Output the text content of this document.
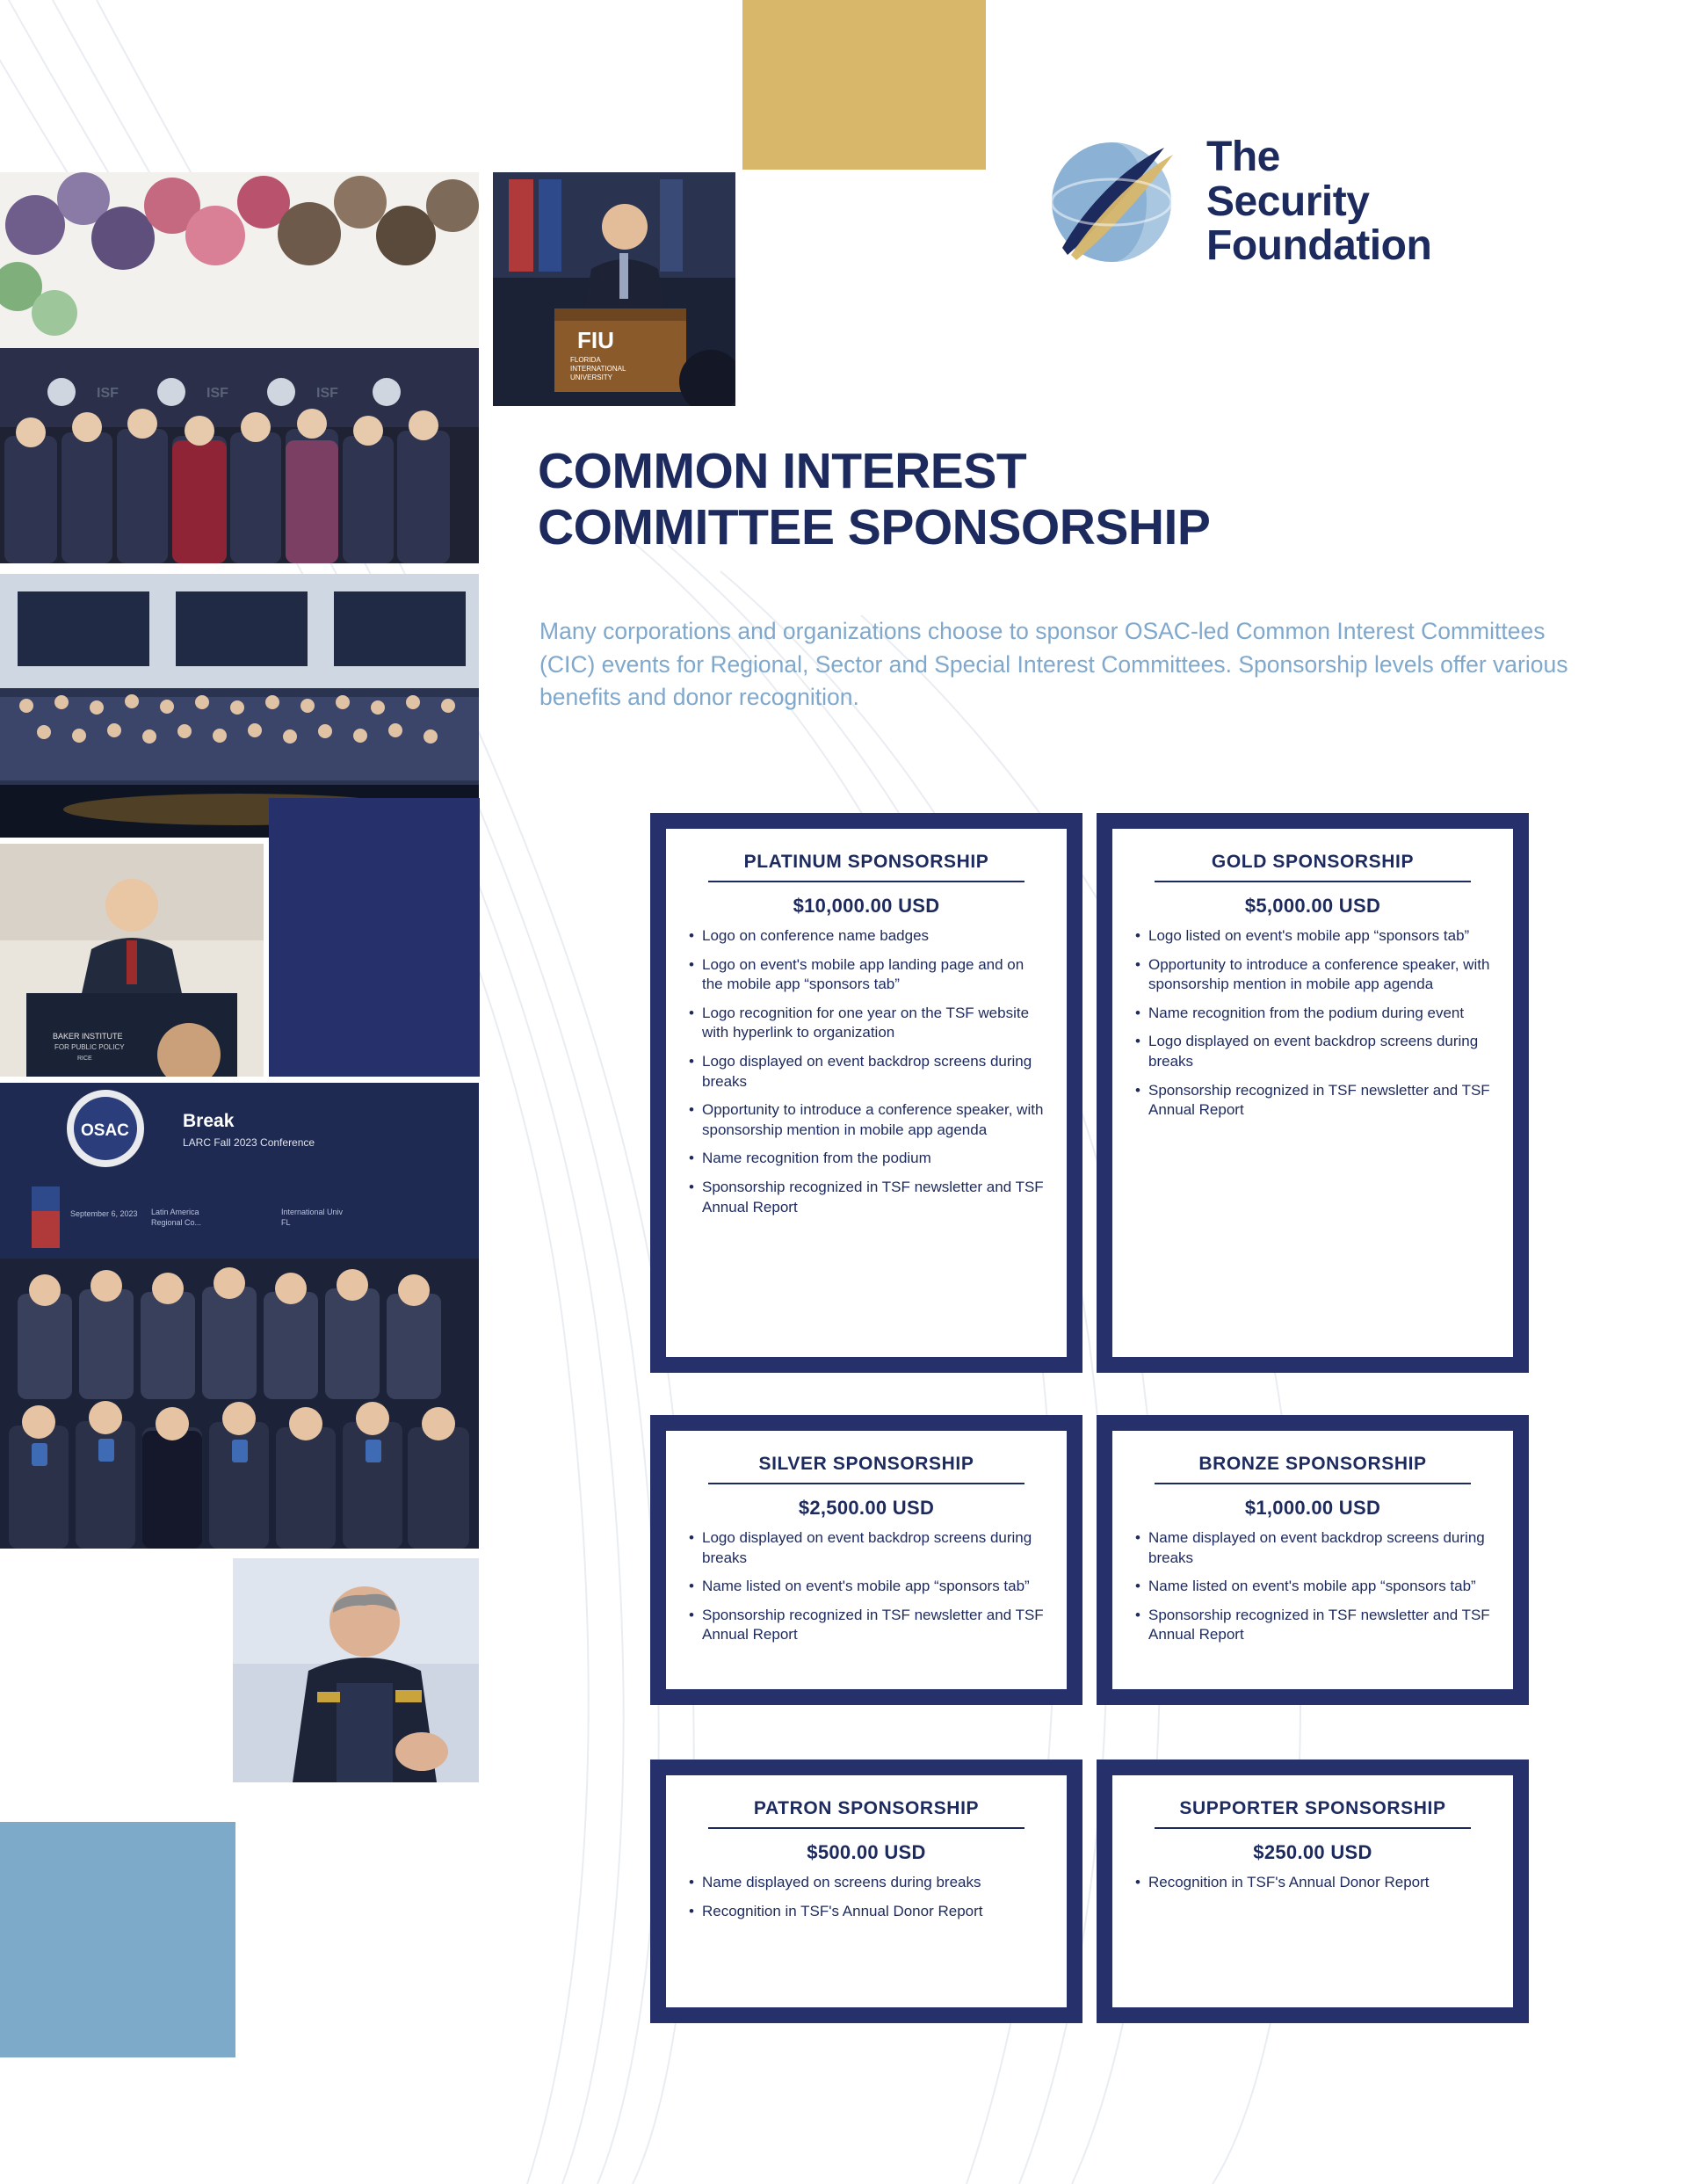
ISF	ISF	ISF
FIU
FLORIDA
INTERNATIONAL
UNIVERSITY
BAKER INSTITUTE
FOR PUBLIC POLICY
RICE
OSAC	Break
LARC Fall 2023 Conference
September 6, 2023 Latin America
Regional Co...
International Univ
FL
The
Security
Foundation
COMMON INTEREST
COMMITTEE SPONSORSHIP
Many corporations and organizations choose to sponsor OSAC-led Common Interest Committees (CIC) events for Regional, Sector and Special Interest Committees. Sponsorship levels offer various benefits and donor recognition.
PLATINUM SPONSORSHIP
$10,000.00 USD
• Logo on conference name badges
• Logo on event's mobile app landing page and on the mobile app “sponsors tab”
• Logo recognition for one year on the TSF website with hyperlink to organization
• Logo displayed on event backdrop screens during breaks
• Opportunity to introduce a conference speaker, with sponsorship mention in mobile app agenda
• Name recognition from the podium
• Sponsorship recognized in TSF newsletter and TSF Annual Report
GOLD SPONSORSHIP
$5,000.00 USD
• Logo listed on event's mobile app “sponsors tab”
• Opportunity to introduce a conference speaker, with sponsorship mention in mobile app agenda
• Name recognition from the podium during event
• Logo displayed on event backdrop screens during breaks
• Sponsorship recognized in TSF newsletter and TSF Annual Report
SILVER SPONSORSHIP
$2,500.00 USD
• Logo displayed on event backdrop screens during breaks
• Name listed on event's mobile app “sponsors tab”
• Sponsorship recognized in TSF newsletter and TSF Annual Report
BRONZE SPONSORSHIP
$1,000.00 USD
• Name displayed on event backdrop screens during breaks
• Name listed on event's mobile app “sponsors tab”
• Sponsorship recognized in TSF newsletter and TSF Annual Report
PATRON SPONSORSHIP
$500.00 USD
• Name displayed on screens during breaks
• Recognition in TSF's Annual Donor Report
SUPPORTER SPONSORSHIP
$250.00 USD
• Recognition in TSF's Annual Donor Report
